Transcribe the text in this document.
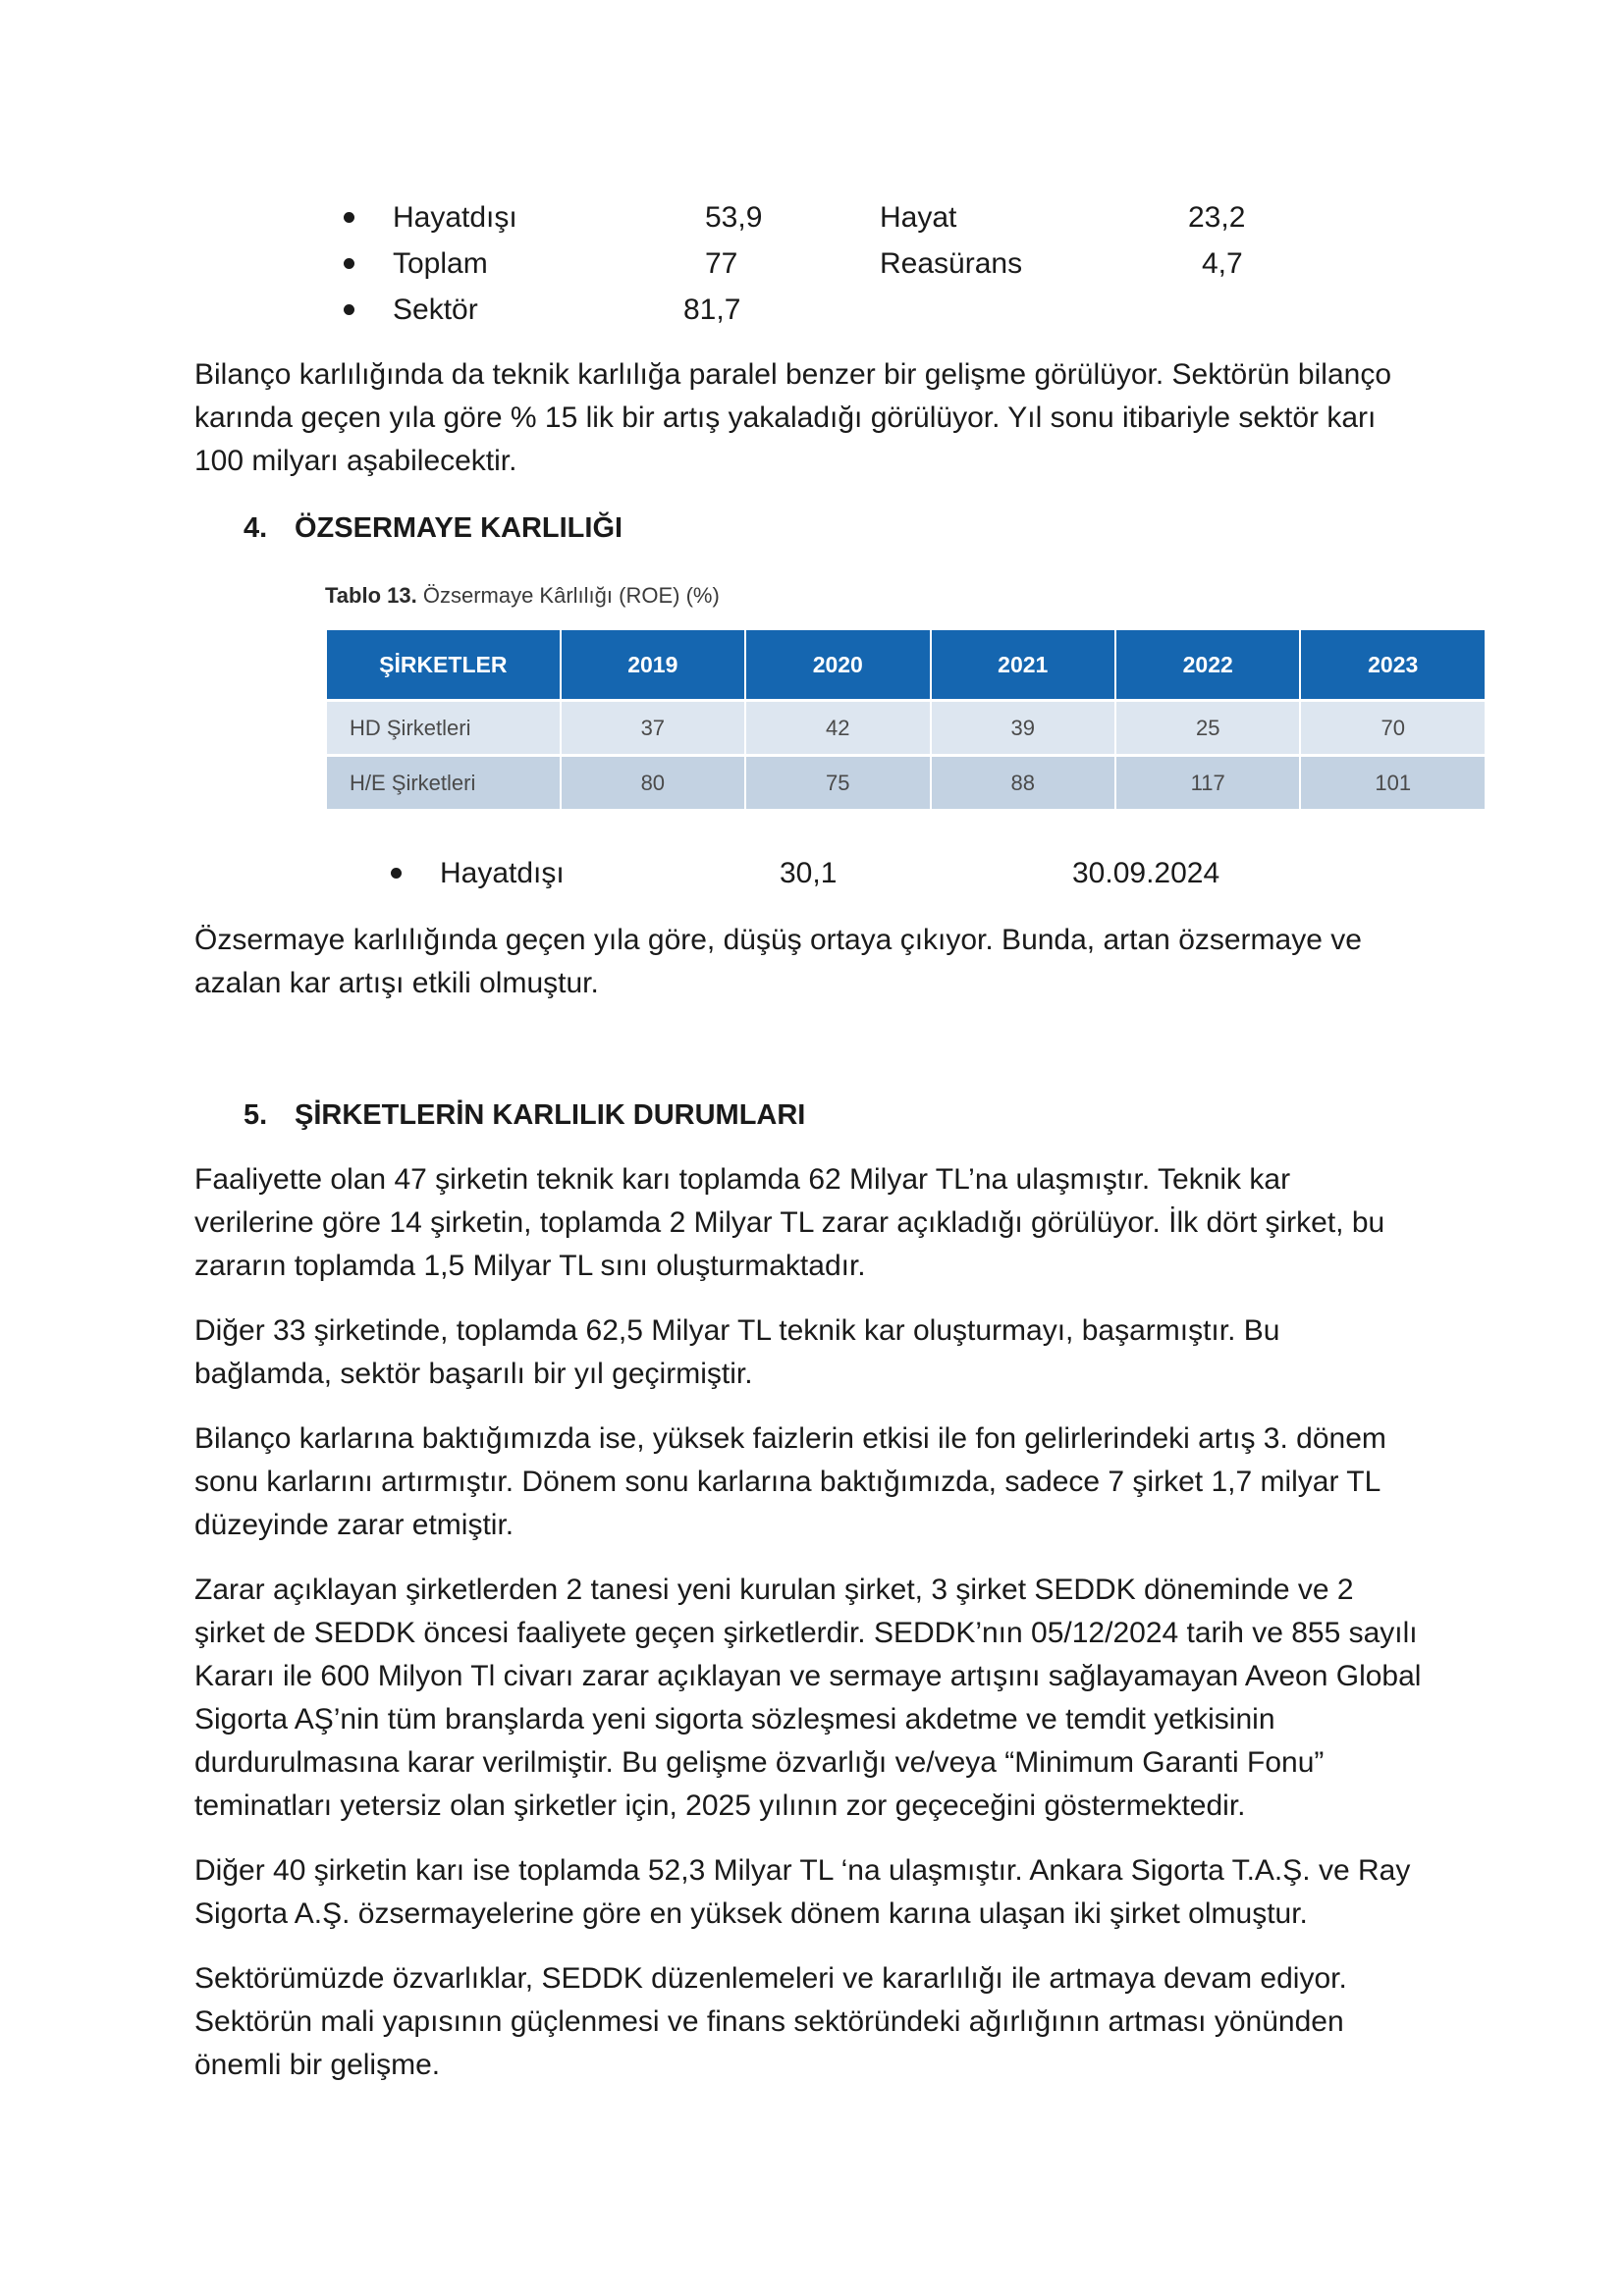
Hayatdışı	53,9	Hayat	23,2
Toplam	77	Reasürans	4,7
Sektör	81,7
Bilanço karlılığında da teknik karlılığa paralel benzer bir gelişme görülüyor. Sektörün bilanço
karında geçen yıla göre % 15 lik bir artış yakaladığı görülüyor. Yıl sonu itibariyle sektör karı
100 milyarı aşabilecektir.
4. ÖZSERMAYE KARLILIĞI
Tablo 13. Özsermaye Kârlılığı (ROE) (%)
ŞİRKETLER	2019	2020	2021	2022	2023
HD Şirketleri	37	42	39	25	70
H/E Şirketleri	80	75	88	117	101
Hayatdışı	30,1	30.09.2024
Özsermaye karlılığında geçen yıla göre, düşüş ortaya çıkıyor. Bunda, artan özsermaye ve
azalan kar artışı etkili olmuştur.
5. ŞİRKETLERİN KARLILIK DURUMLARI
Faaliyette olan 47 şirketin teknik karı toplamda 62 Milyar TL’na ulaşmıştır. Teknik kar
verilerine göre 14 şirketin, toplamda 2 Milyar TL zarar açıkladığı görülüyor. İlk dört şirket, bu
zararın toplamda 1,5 Milyar TL sını oluşturmaktadır.
Diğer 33 şirketinde, toplamda 62,5 Milyar TL teknik kar oluşturmayı, başarmıştır. Bu
bağlamda, sektör başarılı bir yıl geçirmiştir.
Bilanço karlarına baktığımızda ise, yüksek faizlerin etkisi ile fon gelirlerindeki artış 3. dönem
sonu karlarını artırmıştır. Dönem sonu karlarına baktığımızda, sadece 7 şirket 1,7 milyar TL
düzeyinde zarar etmiştir.
Zarar açıklayan şirketlerden 2 tanesi yeni kurulan şirket, 3 şirket SEDDK döneminde ve 2
şirket de SEDDK öncesi faaliyete geçen şirketlerdir. SEDDK’nın 05/12/2024 tarih ve 855 sayılı
Kararı ile 600 Milyon Tl civarı zarar açıklayan ve sermaye artışını sağlayamayan Aveon Global
Sigorta AŞ’nin tüm branşlarda yeni sigorta sözleşmesi akdetme ve temdit yetkisinin
durdurulmasına karar verilmiştir. Bu gelişme özvarlığı ve/veya “Minimum Garanti Fonu”
teminatları yetersiz olan şirketler için, 2025 yılının zor geçeceğini göstermektedir.
Diğer 40 şirketin karı ise toplamda 52,3 Milyar TL ‘na ulaşmıştır. Ankara Sigorta T.A.Ş. ve Ray
Sigorta A.Ş. özsermayelerine göre en yüksek dönem karına ulaşan iki şirket olmuştur.
Sektörümüzde özvarlıklar, SEDDK düzenlemeleri ve kararlılığı ile artmaya devam ediyor.
Sektörün mali yapısının güçlenmesi ve finans sektöründeki ağırlığının artması yönünden
önemli bir gelişme.
